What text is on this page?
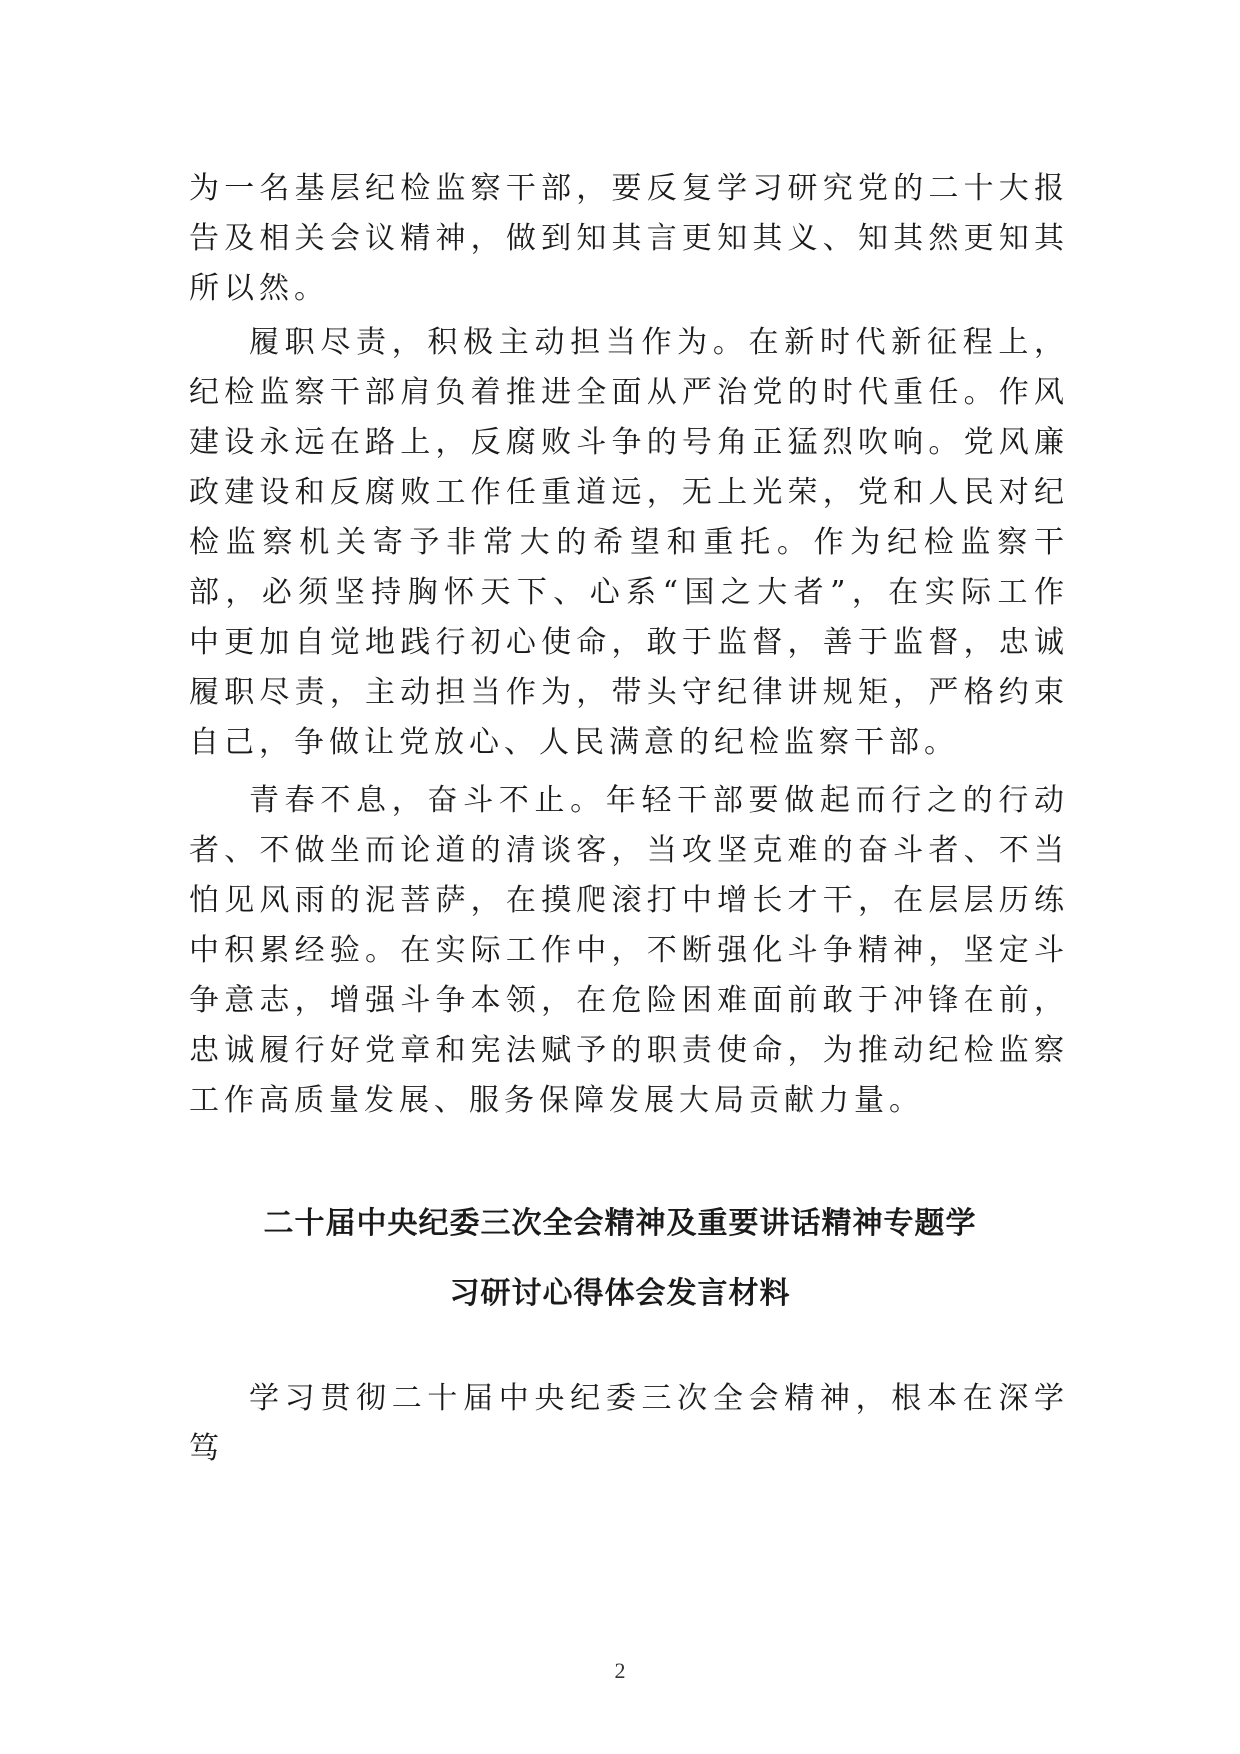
为一名基层纪检监察干部，要反复学习研究党的二十大报告及相关会议精神，做到知其言更知其义、知其然更知其所以然。

履职尽责，积极主动担当作为。在新时代新征程上，纪检监察干部肩负着推进全面从严治党的时代重任。作风建设永远在路上，反腐败斗争的号角正猛烈吹响。党风廉政建设和反腐败工作任重道远，无上光荣，党和人民对纪检监察机关寄予非常大的希望和重托。作为纪检监察干部，必须坚持胸怀天下、心系“国之大者”，在实际工作中更加自觉地践行初心使命，敢于监督，善于监督，忠诚履职尽责，主动担当作为，带头守纪律讲规矩，严格约束自己，争做让党放心、人民满意的纪检监察干部。

青春不息，奋斗不止。年轻干部要做起而行之的行动者、不做坐而论道的清谈客，当攻坚克难的奋斗者、不当怕见风雨的泥菩萨，在摸爬滚打中增长才干，在层层历练中积累经验。在实际工作中，不断强化斗争精神，坚定斗争意志，增强斗争本领，在危险困难面前敢于冲锋在前，忠诚履行好党章和宪法赋予的职责使命，为推动纪检监察工作高质量发展、服务保障发展大局贡献力量。

二十届中央纪委三次全会精神及重要讲话精神专题学
习研讨心得体会发言材料

学习贯彻二十届中央纪委三次全会精神，根本在深学笃

2
